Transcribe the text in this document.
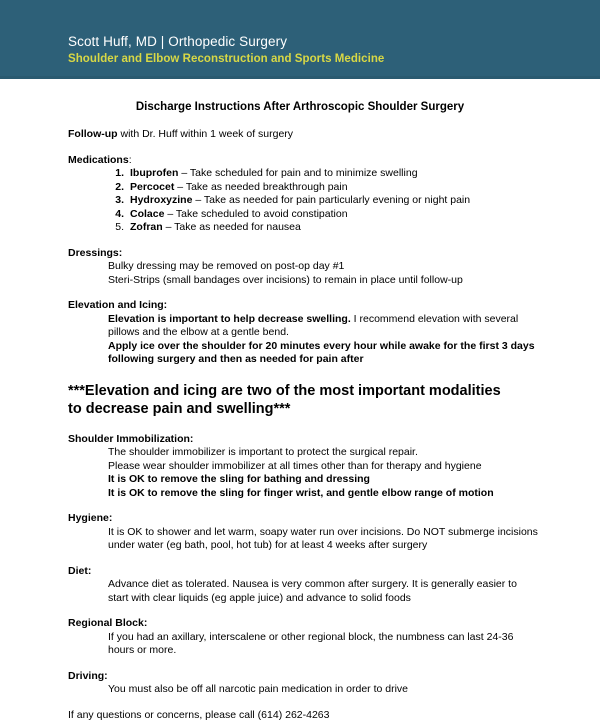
Scott Huff, MD | Orthopedic Surgery
Shoulder and Elbow Reconstruction and Sports Medicine
Discharge Instructions After Arthroscopic Shoulder Surgery

Follow-up with Dr. Huff within 1 week of surgery

Medications:

1. Ibuprofen – Take scheduled for pain and to minimize swelling
2. Percocet – Take as needed breakthrough pain
3. Hydroxyzine – Take as needed for pain particularly evening or night pain
4. Colace – Take scheduled to avoid constipation
5. Zofran – Take as needed for nausea

Dressings:

Bulky dressing may be removed on post-op day #1

Steri-Strips (small bandages over incisions) to remain in place until follow-up

Elevation and Icing:

Elevation is important to help decrease swelling. I recommend elevation with several pillows and the elbow at a gentle bend.

Apply ice over the shoulder for 20 minutes every hour while awake for the first 3 days following surgery and then as needed for pain after

***Elevation and icing are two of the most important modalities to decrease pain and swelling***

Shoulder Immobilization:

The shoulder immobilizer is important to protect the surgical repair.

Please wear shoulder immobilizer at all times other than for therapy and hygiene

It is OK to remove the sling for bathing and dressing

It is OK to remove the sling for finger wrist, and gentle elbow range of motion

Hygiene:

It is OK to shower and let warm, soapy water run over incisions. Do NOT submerge incisions under water (eg bath, pool, hot tub) for at least 4 weeks after surgery

Diet:

Advance diet as tolerated. Nausea is very common after surgery. It is generally easier to start with clear liquids (eg apple juice) and advance to solid foods

Regional Block:

If you had an axillary, interscalene or other regional block, the numbness can last 24-36 hours or more.

Driving:

You must also be off all narcotic pain medication in order to drive

If any questions or concerns, please call (614) 262-4263
